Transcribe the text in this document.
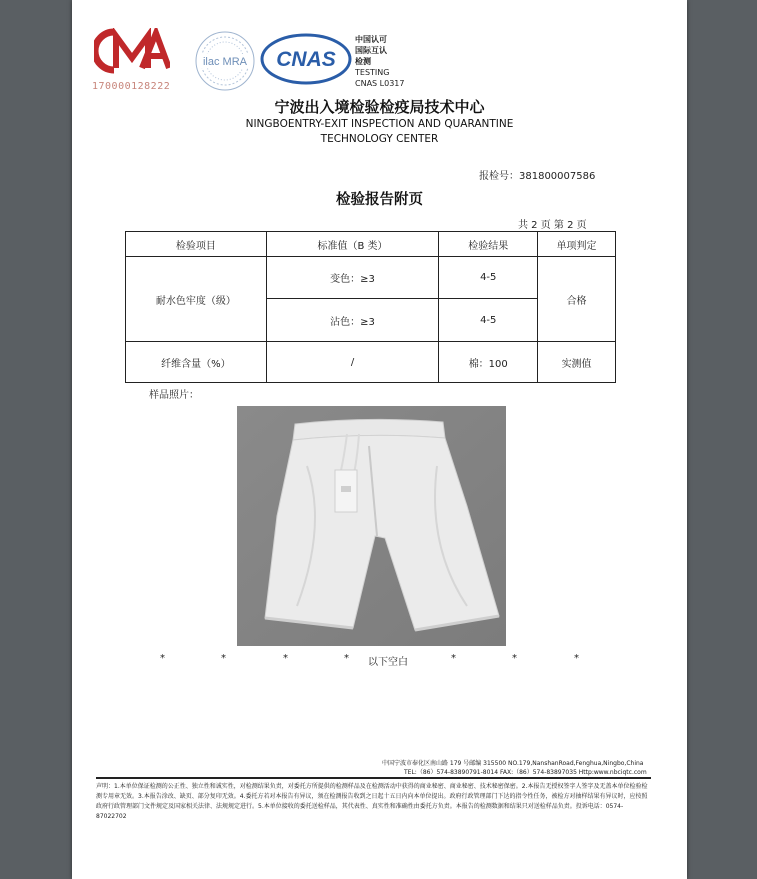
170000128222
ilac MRA CNAS
中国认可
国际互认
检测
TESTING
CNAS L0317
宁波出入境检验检疫局技术中心
NINGBOENTRY-EXIT INSPECTION AND QUARANTINE
TECHNOLOGY CENTER
报检号：381800007586
检验报告附页
共 2 页 第 2 页
检验项目	标准值（B 类）	检验结果	单项判定
耐水色牢度（级）	变色：≥3	4-5	合格
	沾色：≥3	4-5	
纤维含量（%）	/	棉：100	实测值
样品照片：
*	*	*	* 以下空白	*	*	*
中国宁波市奉化区南山路 179 号邮编 315500 NO.179,NanshanRoad,Fenghua,Ningbo,China
TEL:（86）574-83890791-8014 FAX:（86）574-83897035 Http:www.nbciqtc.com
声明：1.本单位保证检测的公正性、独立性和诚实性，对检测结果负责，对委托方所提供的检测样品及在检测活动中获得的商业秘密、商业秘密、技术秘密保密。2.本报告无授权签字人签字及无盖本单位检验检测专用章无效。3.本报告涂改、缺页、部分复印无效。4.委托方若对本报告有异议，须在检测报告收到之日起十五日内向本单位提出。政府行政管理部门下达的指令性任务，被检方对抽样结果有异议时，应按照政府行政管理部门文件规定及国家相关法律、法规规定进行。5.本单位接收的委托送检样品，其代表性、真实性和准确性由委托方负责。本报告的检测数据和结果只对送检样品负责。投诉电话：0574-87022702
